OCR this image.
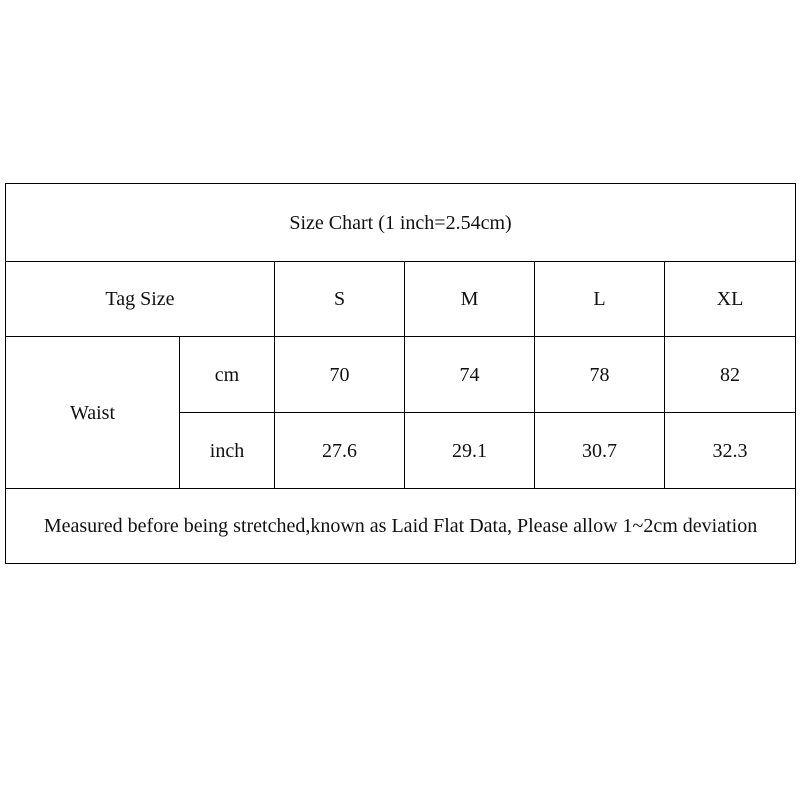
Size Chart (1 inch=2.54cm)					
Tag Size		S	M	L	XL
Waist	cm	70	74	78	82
	inch	27.6	29.1	30.7	32.3
Measured before being stretched,known as Laid Flat Data, Please allow 1~2cm deviation					
